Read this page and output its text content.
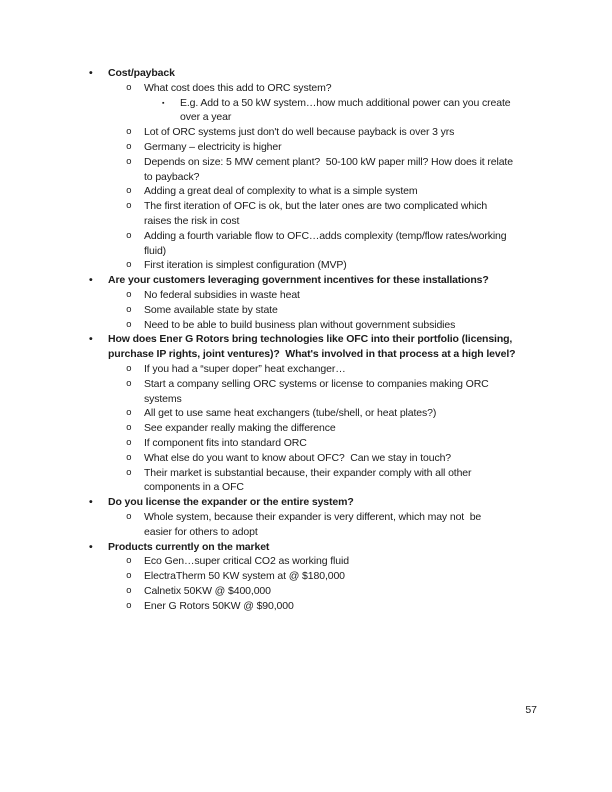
• Cost/payback
o What cost does this add to ORC system?
▪ E.g. Add to a 50 kW system…how much additional power can you create
over a year
o Lot of ORC systems just don't do well because payback is over 3 yrs
o Germany – electricity is higher
o Depends on size: 5 MW cement plant?  50-100 kW paper mill? How does it relate
to payback?
o Adding a great deal of complexity to what is a simple system
o The first iteration of OFC is ok, but the later ones are two complicated which
raises the risk in cost
o Adding a fourth variable flow to OFC…adds complexity (temp/flow rates/working
fluid)
o First iteration is simplest configuration (MVP)
• Are your customers leveraging government incentives for these installations?
o No federal subsidies in waste heat
o Some available state by state
o Need to be able to build business plan without government subsidies
• How does Ener G Rotors bring technologies like OFC into their portfolio (licensing,
purchase IP rights, joint ventures)?  What's involved in that process at a high level?
o If you had a “super doper” heat exchanger…
o Start a company selling ORC systems or license to companies making ORC
systems
o All get to use same heat exchangers (tube/shell, or heat plates?)
o See expander really making the difference
o If component fits into standard ORC
o What else do you want to know about OFC?  Can we stay in touch?
o Their market is substantial because, their expander comply with all other
components in a OFC
• Do you license the expander or the entire system?
o Whole system, because their expander is very different, which may not  be
easier for others to adopt
• Products currently on the market
o Eco Gen…super critical CO2 as working fluid
o ElectraTherm 50 KW system at @ $180,000
o Calnetix 50KW @ $400,000
o Ener G Rotors 50KW @ $90,000
57
